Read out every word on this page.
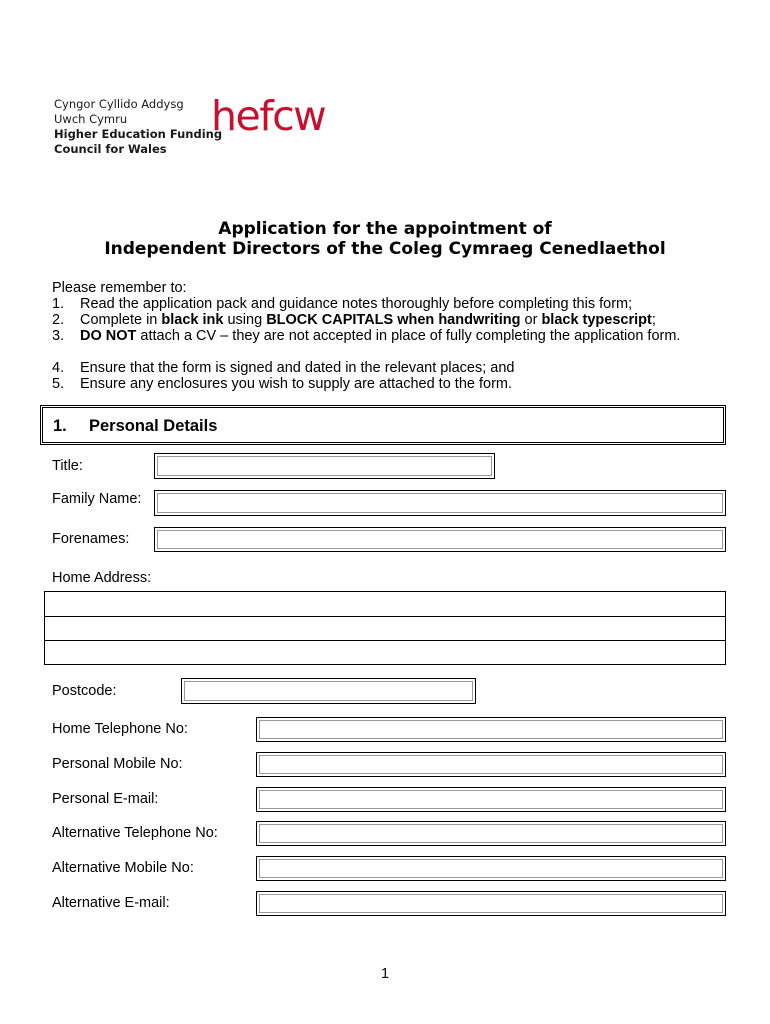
Cyngor Cyllido Addysg
Uwch Cymru
Higher Education Funding
Council for Wales
hefcw
Application for the appointment of
Independent Directors of the Coleg Cymraeg Cenedlaethol
Please remember to:
1. Read the application pack and guidance notes thoroughly before completing this form;
2. Complete in black ink using BLOCK CAPITALS when handwriting or black typescript;
3. DO NOT attach a CV – they are not accepted in place of fully completing the application form.
4. Ensure that the form is signed and dated in the relevant places; and
5. Ensure any enclosures you wish to supply are attached to the form.
1. Personal Details
Title:
Family Name:
Forenames:
Home Address:
Postcode:
Home Telephone No:
Personal Mobile No:
Personal E-mail:
Alternative Telephone No:
Alternative Mobile No:
Alternative E-mail:
1
